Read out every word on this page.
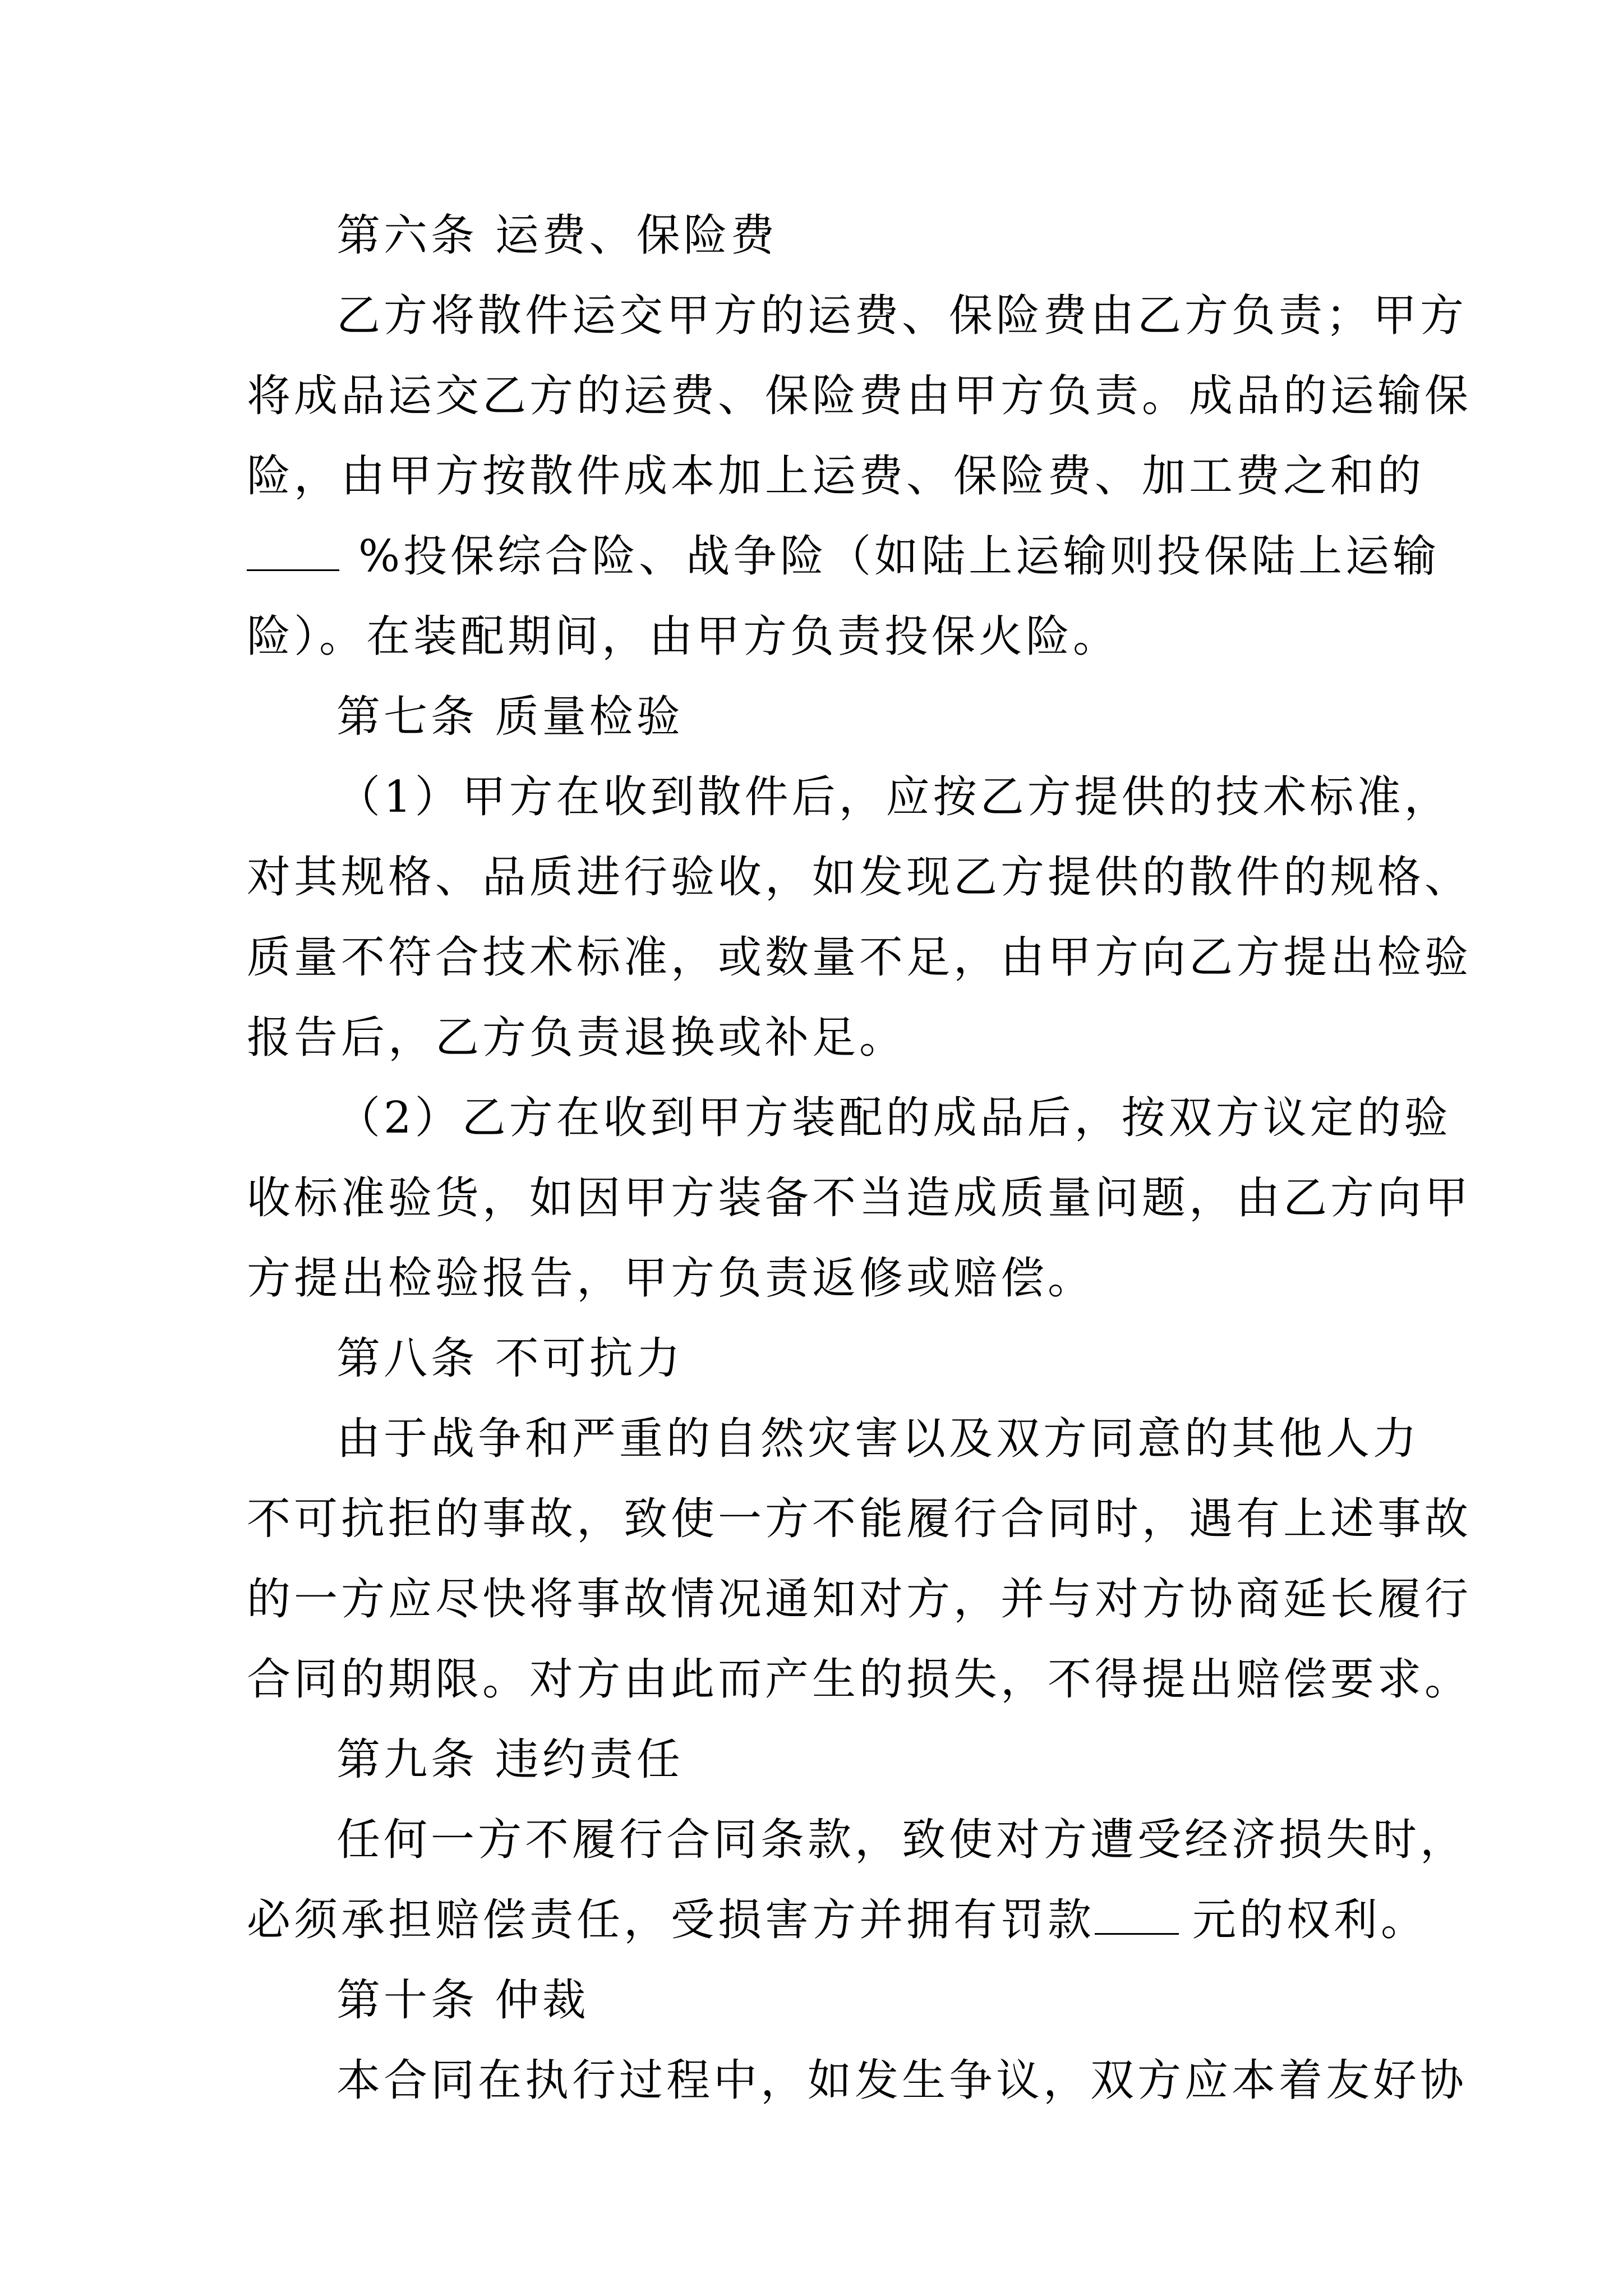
第六条 运费、保险费
乙方将散件运交甲方的运费、保险费由乙方负责；甲方
将成品运交乙方的运费、保险费由甲方负责。成品的运输保
险，由甲方按散件成本加上运费、保险费、加工费之和的
%投保综合险、战争险（如陆上运输则投保陆上运输
险）。在装配期间，由甲方负责投保火险。
第七条 质量检验
（1）甲方在收到散件后，应按乙方提供的技术标准，
对其规格、品质进行验收，如发现乙方提供的散件的规格、
质量不符合技术标准，或数量不足，由甲方向乙方提出检验
报告后，乙方负责退换或补足。
（2）乙方在收到甲方装配的成品后，按双方议定的验
收标准验货，如因甲方装备不当造成质量问题，由乙方向甲
方提出检验报告，甲方负责返修或赔偿。
第八条 不可抗力
由于战争和严重的自然灾害以及双方同意的其他人力
不可抗拒的事故，致使一方不能履行合同时，遇有上述事故
的一方应尽快将事故情况通知对方，并与对方协商延长履行
合同的期限。对方由此而产生的损失，不得提出赔偿要求。
第九条 违约责任
任何一方不履行合同条款，致使对方遭受经济损失时，
必须承担赔偿责任，受损害方并拥有罚款 元的权利。
第十条 仲裁
本合同在执行过程中，如发生争议，双方应本着友好协
